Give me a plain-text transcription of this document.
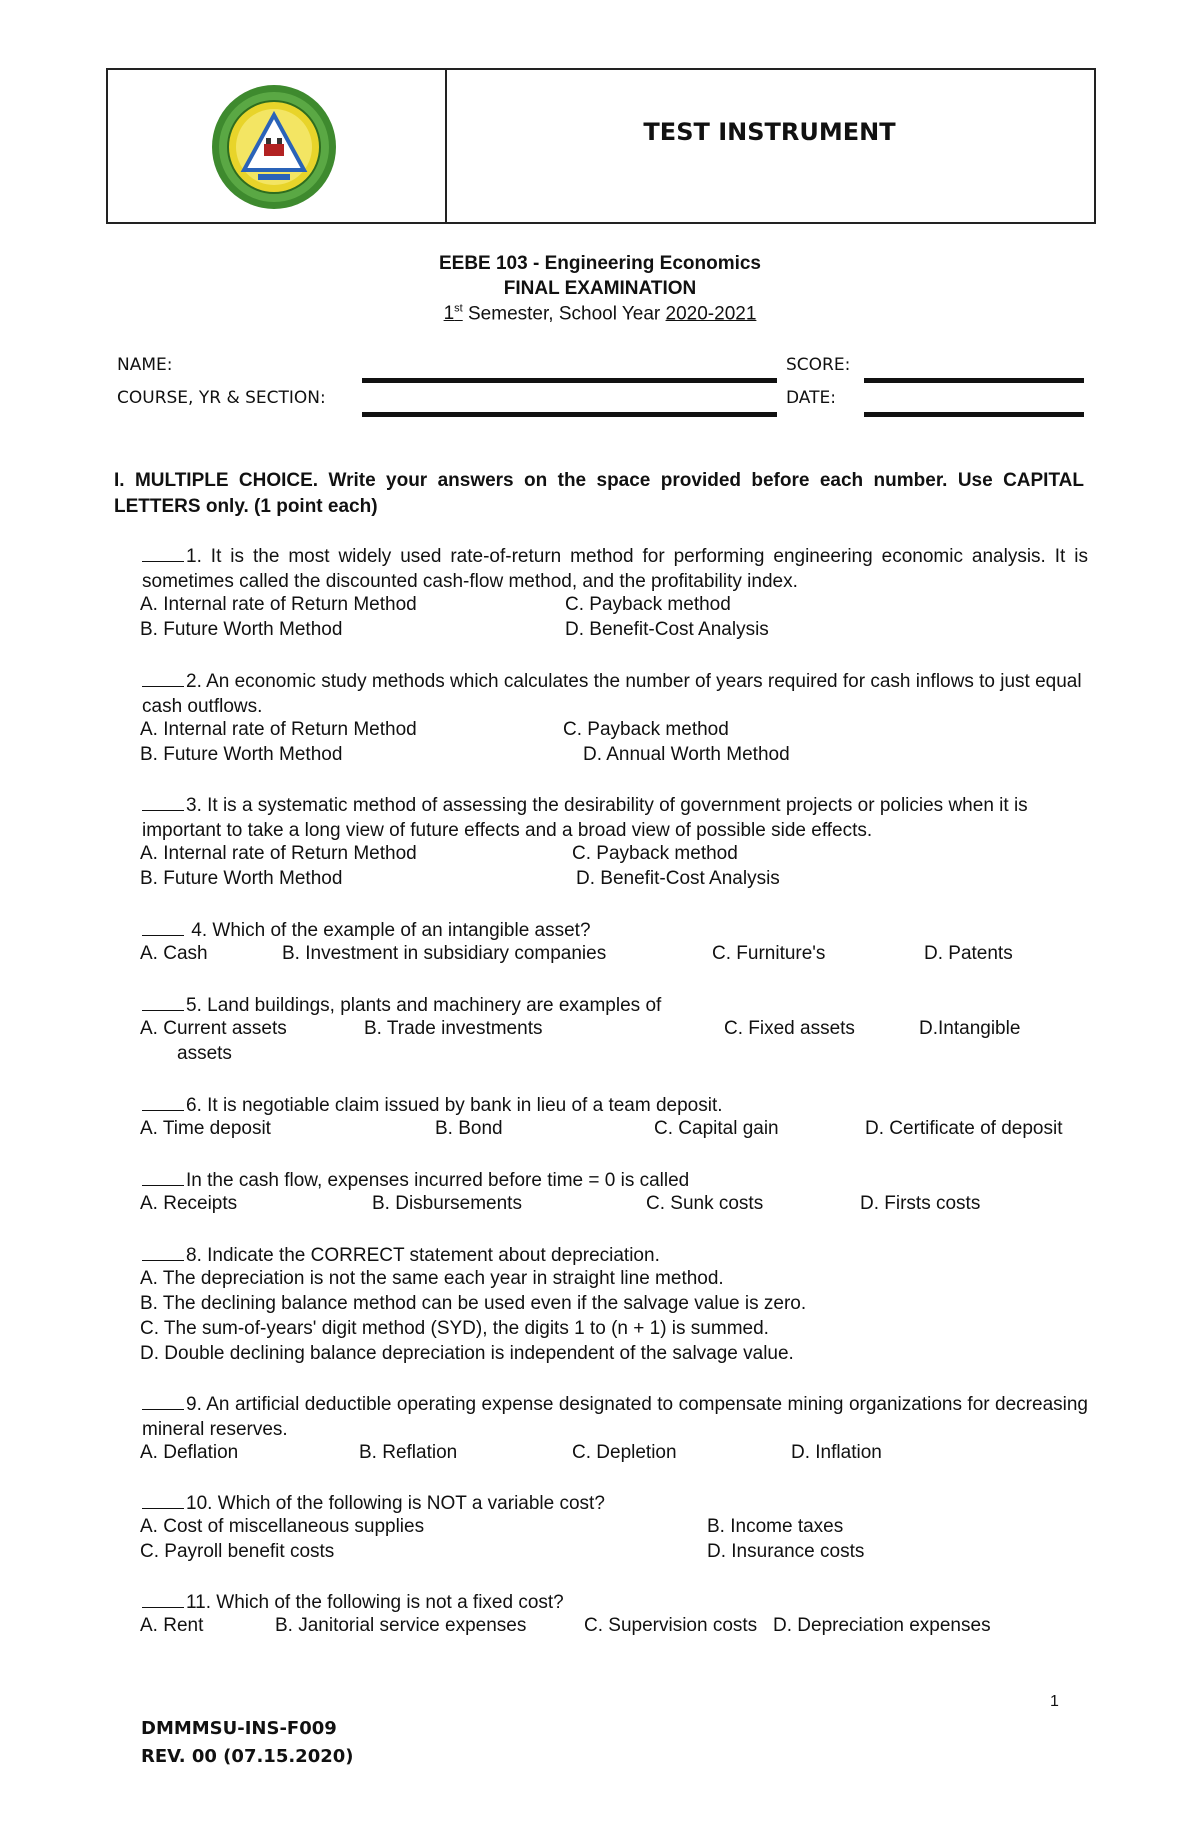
TEST INSTRUMENT
EEBE 103 - Engineering Economics
FINAL EXAMINATION
1st Semester, School Year 2020-2021
NAME:	SCORE:
COURSE, YR & SECTION:	DATE:
I. MULTIPLE CHOICE. Write your answers on the space provided before each number. Use CAPITAL LETTERS only. (1 point each)
1. It is the most widely used rate-of-return method for performing engineering economic analysis. It is sometimes called the discounted cash-flow method, and the profitability index.
A. Internal rate of Return Method	C. Payback method
B. Future Worth Method	D. Benefit-Cost Analysis
2. An economic study methods which calculates the number of years required for cash inflows to just equal cash outflows.
A. Internal rate of Return Method	C. Payback method
B. Future Worth Method	D. Annual Worth Method
3. It is a systematic method of assessing the desirability of government projects or policies when it is important to take a long view of future effects and a broad view of possible side effects.
A. Internal rate of Return Method	C. Payback method
B. Future Worth Method	D. Benefit-Cost Analysis
4. Which of the example of an intangible asset?
A. Cash	B. Investment in subsidiary companies	C. Furniture's	D. Patents
5. Land buildings, plants and machinery are examples of
A. Current assets	B. Trade investments	C. Fixed assets	D.Intangible
assets
6. It is negotiable claim issued by bank in lieu of a team deposit.
A. Time deposit	B. Bond	C. Capital gain	D. Certificate of deposit
In the cash flow, expenses incurred before time = 0 is called
A. Receipts	B. Disbursements	C. Sunk costs	D. Firsts costs
8. Indicate the CORRECT statement about depreciation.
A. The depreciation is not the same each year in straight line method.
B. The declining balance method can be used even if the salvage value is zero.
C. The sum-of-years' digit method (SYD), the digits 1 to (n + 1) is summed.
D. Double declining balance depreciation is independent of the salvage value.
9. An artificial deductible operating expense designated to compensate mining organizations for decreasing mineral reserves.
A. Deflation	B. Reflation	C. Depletion	D. Inflation
10. Which of the following is NOT a variable cost?
A. Cost of miscellaneous supplies	B. Income taxes
C. Payroll benefit costs	D. Insurance costs
11. Which of the following is not a fixed cost?
A. Rent	B. Janitorial service expenses	C. Supervision costs D. Depreciation expenses
1
DMMMSU-INS-F009
REV. 00 (07.15.2020)
